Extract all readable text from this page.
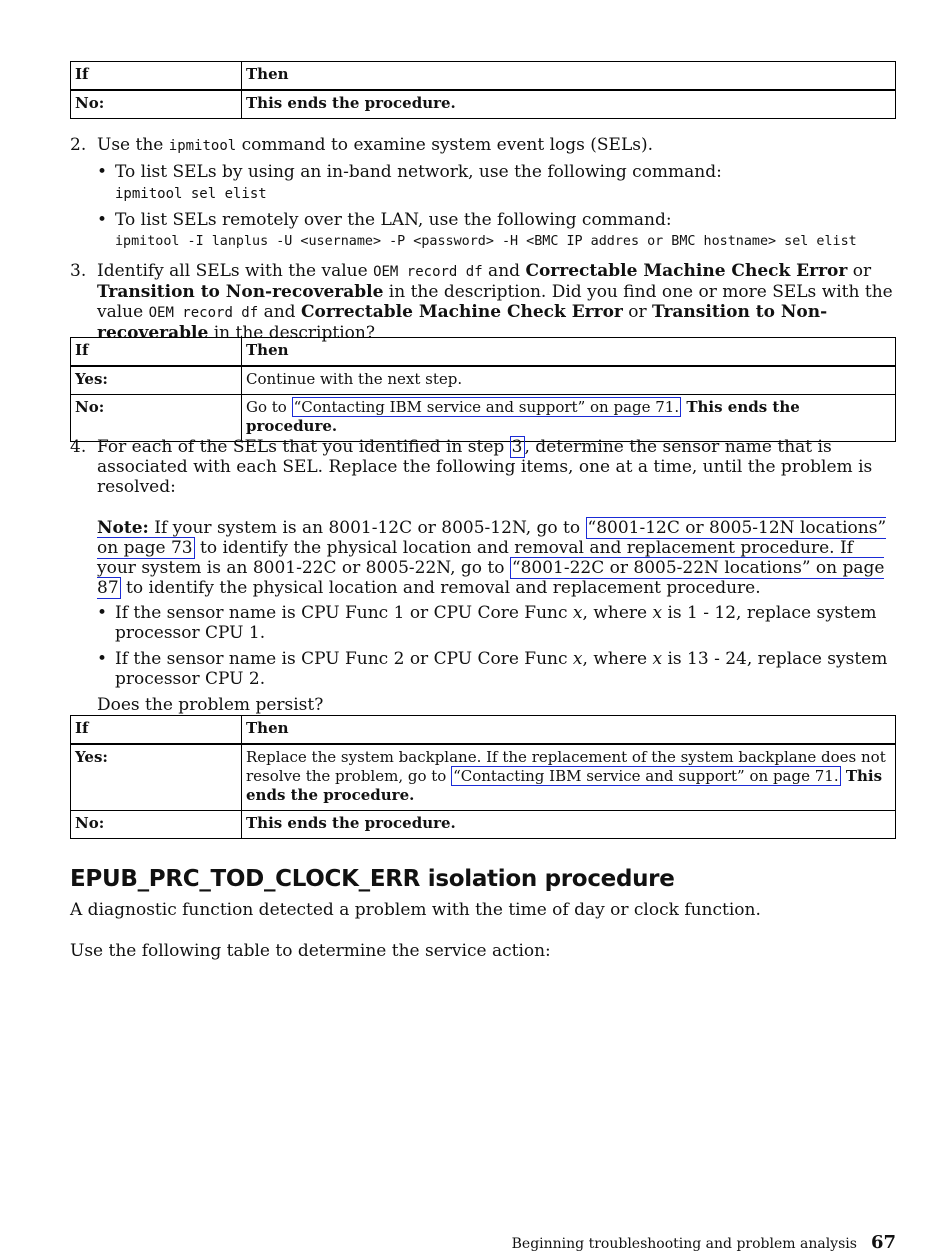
If	Then
No:	This ends the procedure.
2. Use the ipmitool command to examine system event logs (SELs).
• To list SELs by using an in-band network, use the following command:
ipmitool sel elist
• To list SELs remotely over the LAN, use the following command:
ipmitool -I lanplus -U <username> -P <password> -H <BMC IP addres or BMC hostname> sel elist
3. Identify all SELs with the value OEM record df and Correctable Machine Check Error or Transition to Non-recoverable in the description. Did you find one or more SELs with the value OEM record df and Correctable Machine Check Error or Transition to Non-recoverable in the description?
If	Then
Yes:	Continue with the next step.
No:	Go to “Contacting IBM service and support” on page 71. This ends the procedure.
4. For each of the SELs that you identified in step 3 , determine the sensor name that is associated with each SEL. Replace the following items, one at a time, until the problem is resolved:
Note: If your system is an 8001-12C or 8005-12N, go to “8001-12C or 8005-12N locations” on page 73 to identify the physical location and removal and replacement procedure. If your system is an 8001-22C or 8005-22N, go to “8001-22C or 8005-22N locations” on page 87 to identify the physical location and removal and replacement procedure.
• If the sensor name is CPU Func 1 or CPU Core Func x, where x is 1 - 12, replace system processor CPU 1.
• If the sensor name is CPU Func 2 or CPU Core Func x, where x is 13 - 24, replace system processor CPU 2.
Does the problem persist?
If	Then
Yes:	Replace the system backplane. If the replacement of the system backplane does not resolve the problem, go to “Contacting IBM service and support” on page 71. This ends the procedure.
No:	This ends the procedure.
EPUB_PRC_TOD_CLOCK_ERR isolation procedure
A diagnostic function detected a problem with the time of day or clock function.
Use the following table to determine the service action:
Beginning troubleshooting and problem analysis 67
